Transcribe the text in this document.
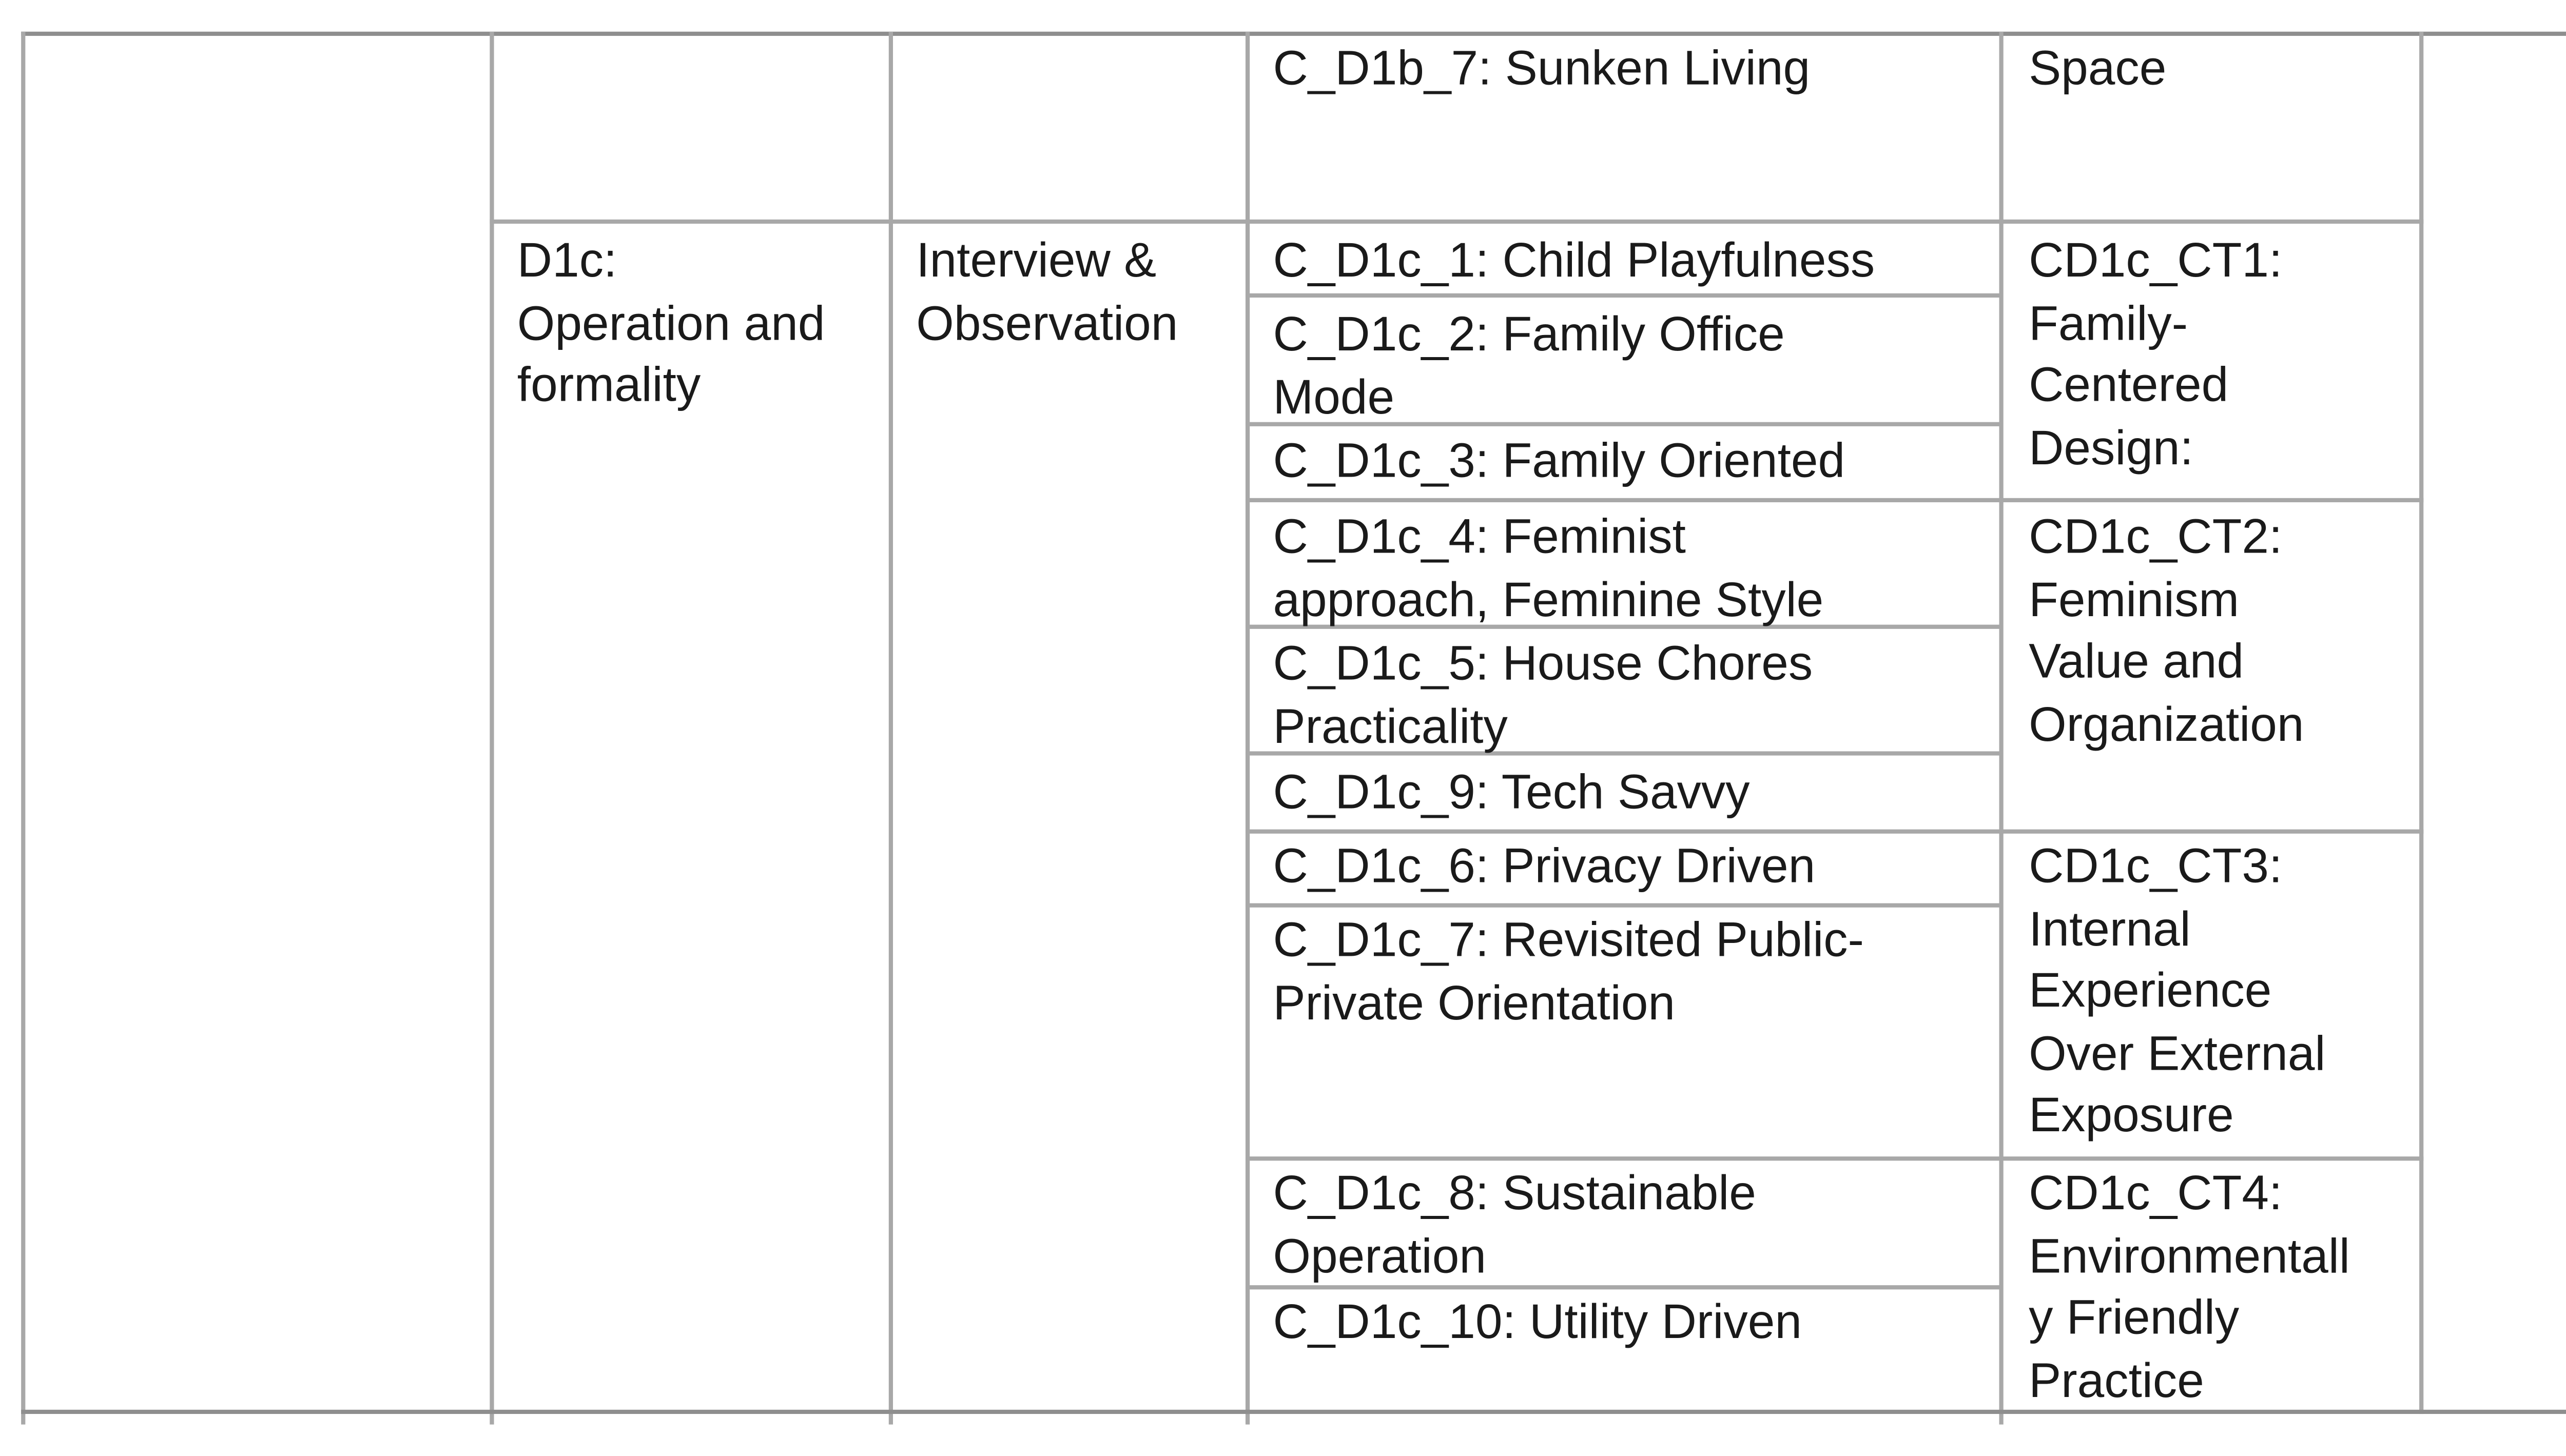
C_D1b_7: Sunken Living	Space
D1c:
Operation and
formality
Interview &
Observation
C_D1c_1: Child Playfulness
C_D1c_2: Family Office
Mode
C_D1c_3: Family Oriented
C_D1c_4: Feminist
approach, Feminine Style
C_D1c_5: House Chores
Practicality
C_D1c_9: Tech Savvy
C_D1c_6: Privacy Driven
C_D1c_7: Revisited Public-
Private Orientation
C_D1c_8: Sustainable
Operation
C_D1c_10: Utility Driven
CD1c_CT1:
Family-
Centered
Design:
CD1c_CT2:
Feminism
Value and
Organization
CD1c_CT3:
Internal
Experience
Over External
Exposure
CD1c_CT4:
Environmentall
y Friendly
Practice
